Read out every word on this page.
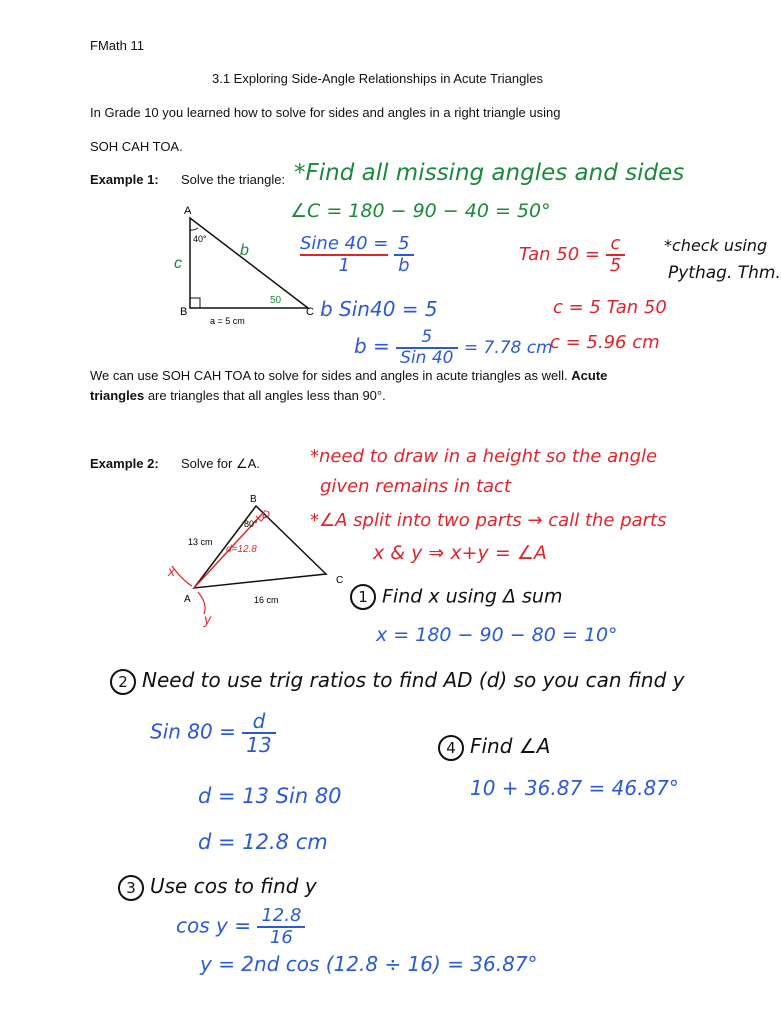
FMath 11
3.1 Exploring Side-Angle Relationships in Acute Triangles
In Grade 10 you learned how to solve for sides and angles in a right triangle using
SOH CAH TOA.
Example 1: Solve the triangle: *Find all missing angles and sides
∠C = 180 − 90 − 40 = 50°
A
B	C
40°
50
b
c
a = 5 cm
Sine 40 =
1
	$\frac{5}{b}$
b Sin40 = 5
$b = \frac{5}{\text{Sin 40}} = 7.78$ cm
Tan $50 = \frac{c}{5}$
c = 5 Tan 50
c = 5.96 cm
*check using
Pythag. Thm.
We can use SOH CAH TOA to solve for sides and angles in acute triangles as well. Acute
triangles are triangles that all angles less than 90°.
Example 2: Solve for ∠A.	*need to draw in a height so the angle
given remains in tact
*∠A split into two parts → call the parts
x & y ⇒ x+y = ∠A
B
A
C
80°
13 cm
16 cm
d=12.8
D
x
y
1 Find x using Δ sum
x = 180 − 90 − 80 = 10°
2 Need to use trig ratios to find AD (d) so you can find y
Sin $80 = \frac{d}{13}$
d = 13 Sin 80
d = 12.8 cm
4 Find ∠A
10 + 36.87 = 46.87°
3 Use cos to find y
$\cos y = \frac{12.8}{16}$
y = 2nd cos (12.8 ÷ 16) = 36.87°
